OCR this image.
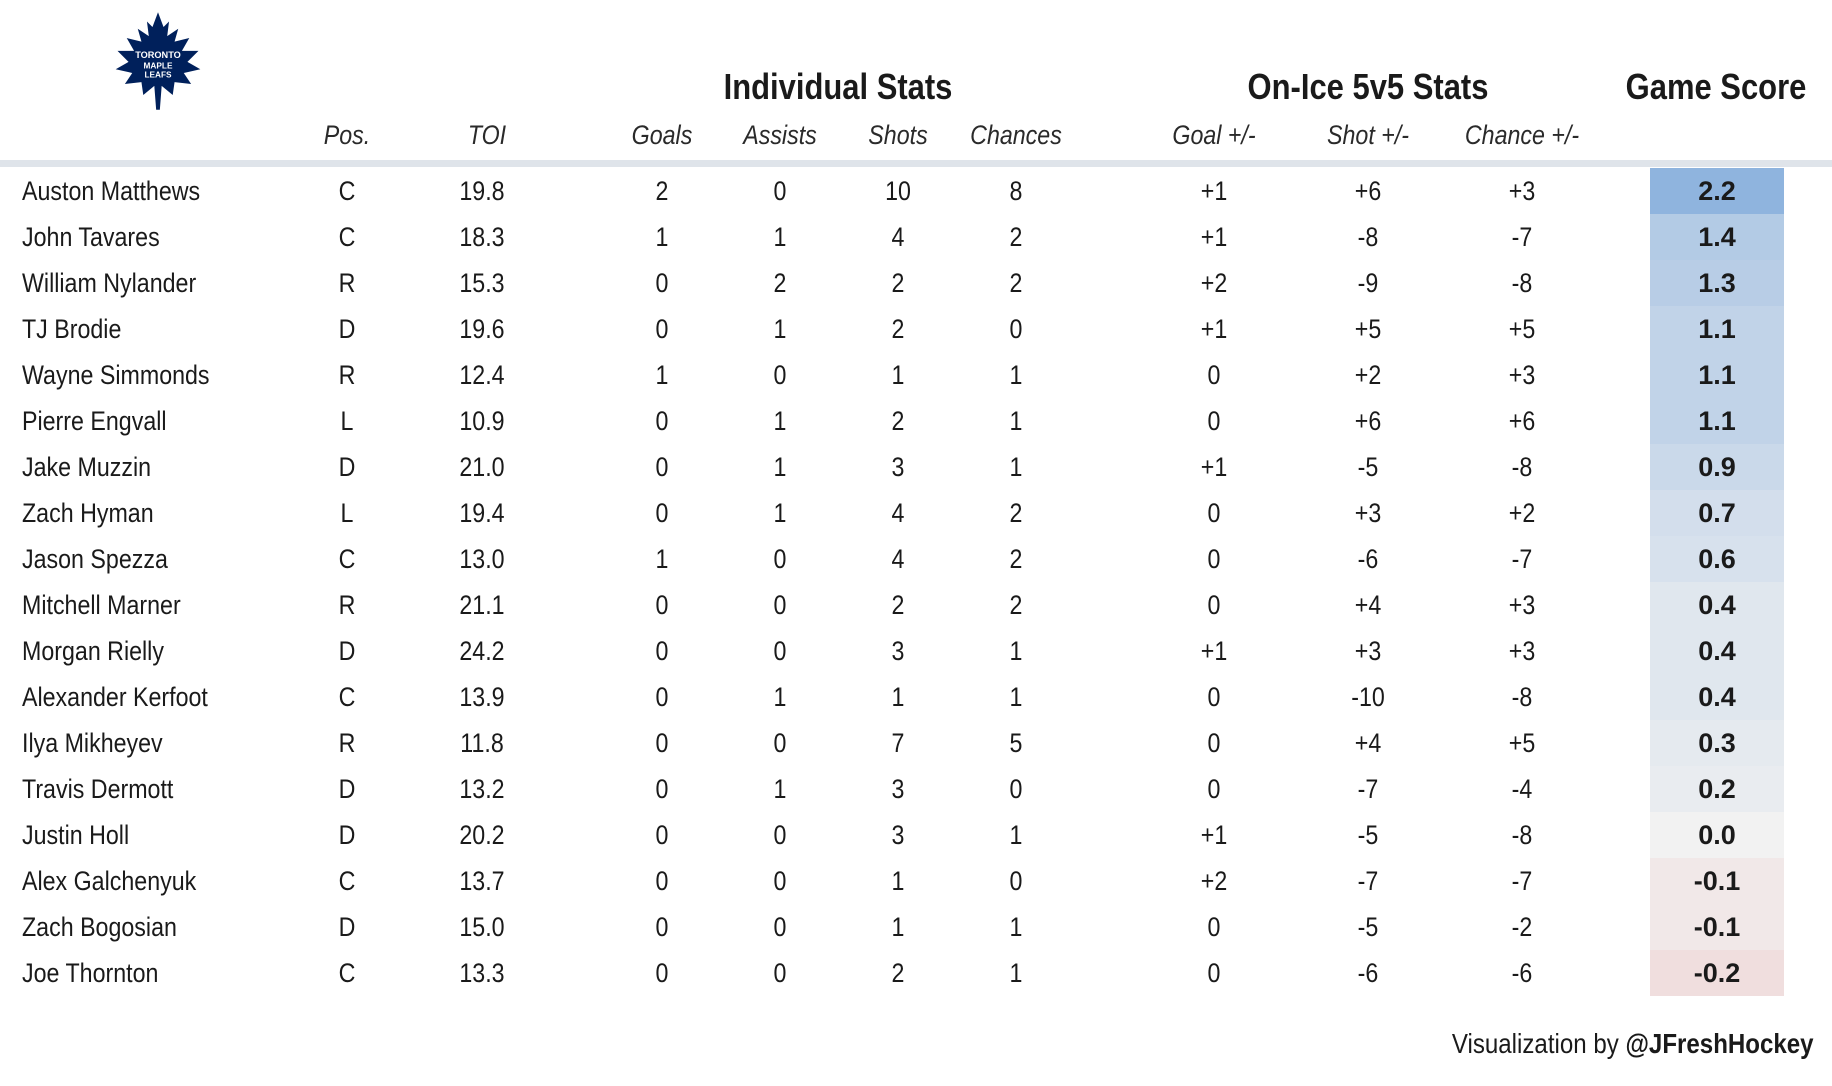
TORONTO
MAPLE
LEAFS	Individual Stats	On-Ice 5v5 Stats	Game Score
Pos.	TOI	Goals Assists Shots Chances	Goal +/-	Shot +/- Chance +/-
Auston Matthews	C	19.8	2	0	10	8	+1	+6	+3	2.2
John Tavares	C	18.3	1	1	4	2	+1	-8	-7	1.4
William Nylander	R	15.3	0	2	2	2	+2	-9	-8	1.3
TJ Brodie	D	19.6	0	1	2	0	+1	+5	+5	1.1
Wayne Simmonds	R	12.4	1	0	1	1	0	+2	+3	1.1
Pierre Engvall	L	10.9	0	1	2	1	0	+6	+6	1.1
Jake Muzzin	D	21.0	0	1	3	1	+1	-5	-8	0.9
Zach Hyman	L	19.4	0	1	4	2	0	+3	+2	0.7
Jason Spezza	C	13.0	1	0	4	2	0	-6	-7	0.6
Mitchell Marner	R	21.1	0	0	2	2	0	+4	+3	0.4
Morgan Rielly	D	24.2	0	0	3	1	+1	+3	+3	0.4
Alexander Kerfoot	C	13.9	0	1	1	1	0	-10	-8	0.4
Ilya Mikheyev	R	11.8	0	0	7	5	0	+4	+5	0.3
Travis Dermott	D	13.2	0	1	3	0	0	-7	-4	0.2
Justin Holl	D	20.2	0	0	3	1	+1	-5	-8	0.0
Alex Galchenyuk	C	13.7	0	0	1	0	+2	-7	-7	-0.1
Zach Bogosian	D	15.0	0	0	1	1	0	-5	-2	-0.1
Joe Thornton	C	13.3	0	0	2	1	0	-6	-6	-0.2
Visualization by @JFreshHockey
